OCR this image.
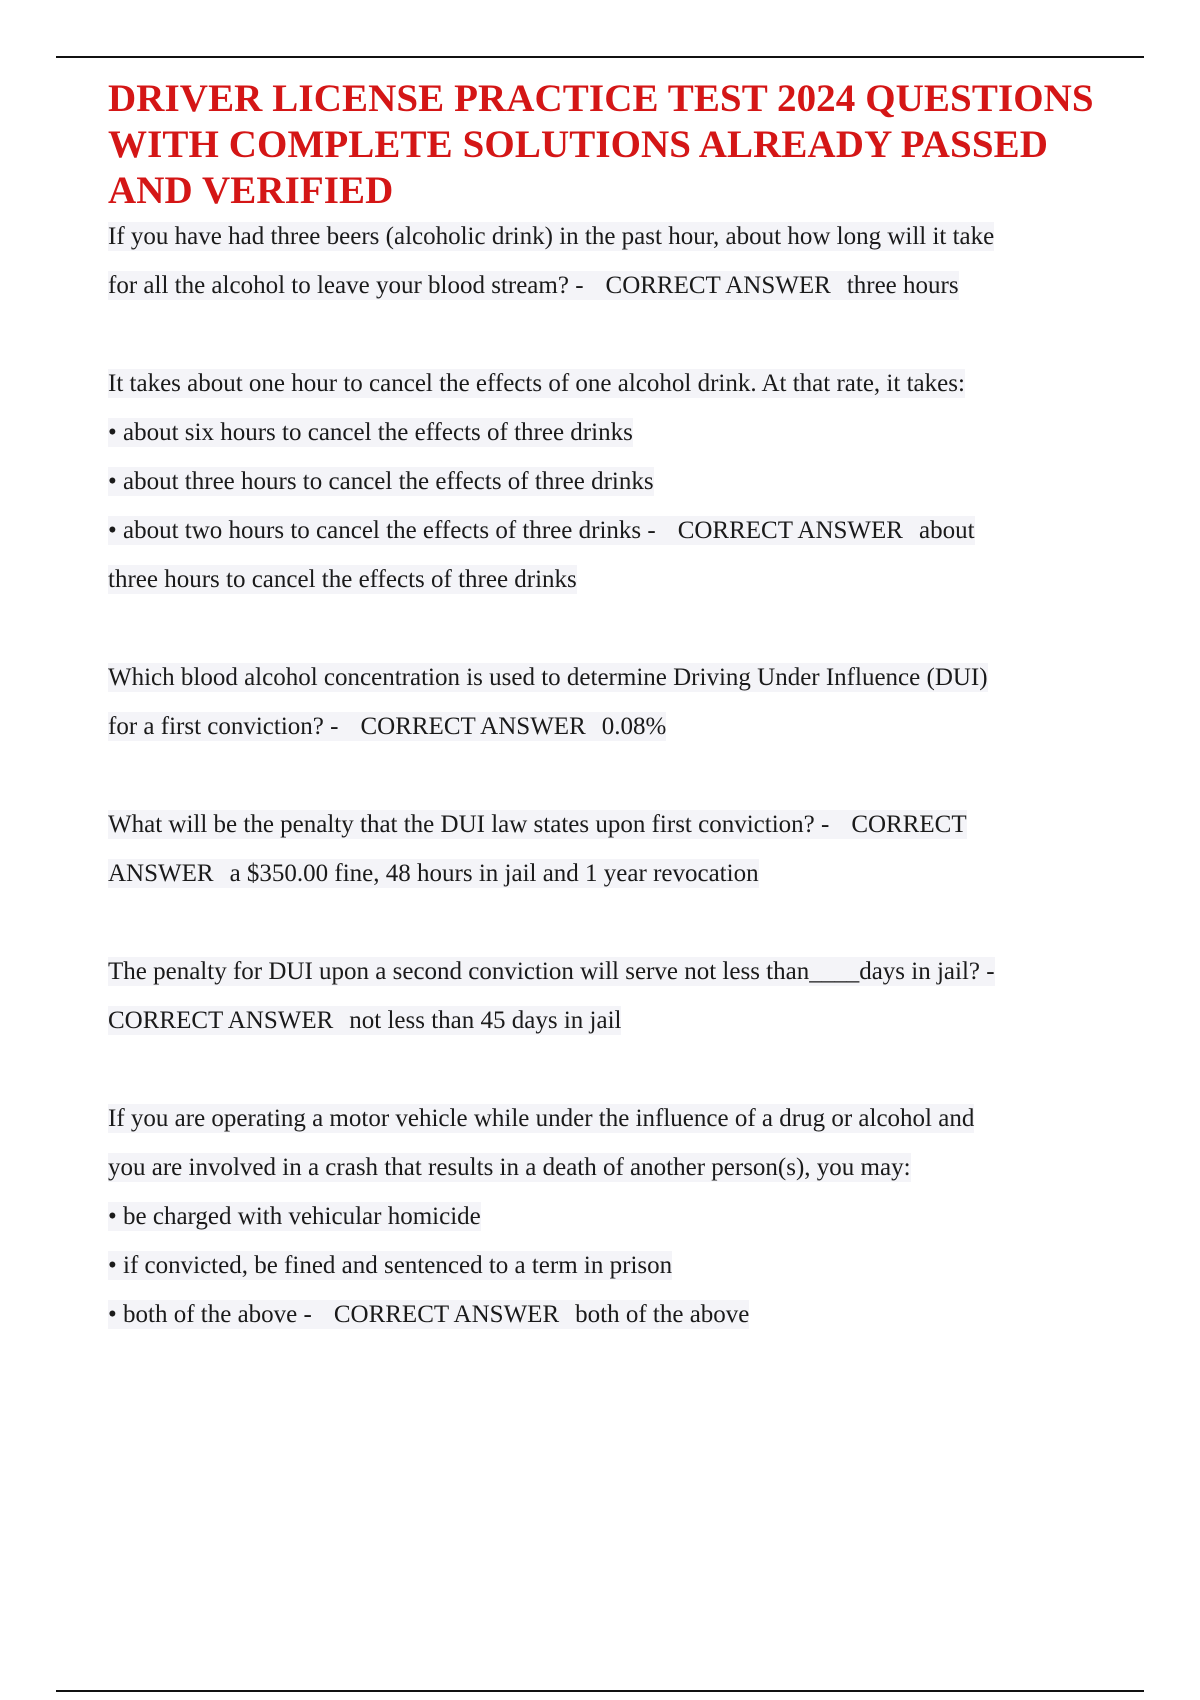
DRIVER LICENSE PRACTICE TEST 2024 QUESTIONS WITH COMPLETE SOLUTIONS ALREADY PASSED AND VERIFIED
If you have had three beers (alcoholic drink) in the past hour, about how long will it take
for all the alcohol to leave your blood stream? - CORRECT ANSWER three hours
It takes about one hour to cancel the effects of one alcohol drink. At that rate, it takes:
• about six hours to cancel the effects of three drinks
• about three hours to cancel the effects of three drinks
• about two hours to cancel the effects of three drinks - CORRECT ANSWER about
three hours to cancel the effects of three drinks
Which blood alcohol concentration is used to determine Driving Under Influence (DUI)
for a first conviction? - CORRECT ANSWER 0.08%
What will be the penalty that the DUI law states upon first conviction? - CORRECT
ANSWER a $350.00 fine, 48 hours in jail and 1 year revocation
The penalty for DUI upon a second conviction will serve not less than____days in jail? -
CORRECT ANSWER not less than 45 days in jail
If you are operating a motor vehicle while under the influence of a drug or alcohol and
you are involved in a crash that results in a death of another person(s), you may:
• be charged with vehicular homicide
• if convicted, be fined and sentenced to a term in prison
• both of the above - CORRECT ANSWER both of the above
